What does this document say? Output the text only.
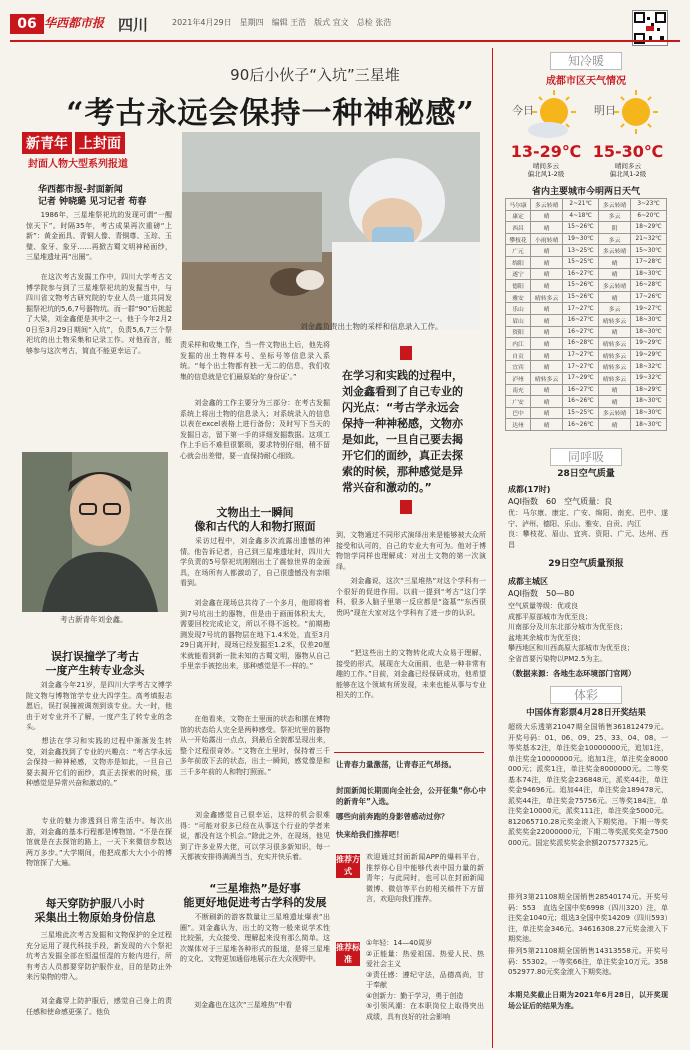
06 华西都市报 四川	2021年4月29日　星期四　编辑 王浩　版式 宜文　总检 张浩
90后小伙子“入坑”三星堆
“考古永远会保持一种神秘感”
新青年 上封面
封面人物大型系列报道
华西都市报-封面新闻
记者 钟晓璐 见习记者 苟春
　　1986年，三星堆祭祀坑的发现可谓“一醒惊天下”。时隔35年，考古成果再次重磅“上新”：黄金面具、青铜人像、青铜尊、玉琮、玉璧、象牙、象牙……再掀古蜀文明神秘面纱，三星堆遗址再“出圈”。
　　在这次考古发掘工作中，四川大学考古文博学院参与到了三星堆祭祀坑的发掘当中，与四川省文物考古研究院的专业人员一道共同发掘祭祀坑的5,6,7号器物坑。而一群“90”后挑起了大梁，刘金鑫便是其中之一。他于今年2月20日至3月29日期间“入坑”，负责5,6,7三个祭祀坑的出土物采集和记录工作。对他而言，能够参与这次考古，简直不能更幸运了。
刘金鑫负责出土物的采样和信息录入工作。
考古新青年刘金鑫。
误打误撞学了考古
一度产生转专业念头
　　刘金鑫今年21岁，是四川大学考古文博学院文物与博物馆学专业大四学生。高考填报志愿后，误打误撞被调剂到该专业。大一时，他由于对专业并不了解，一度产生了转专业的念头。
　　想法在学习和实践的过程中渐渐发生转变，刘金鑫找到了专业的兴趣点：“考古学永远会保持一种神秘感，文物亦是如此，一旦自己要去揭开它们的面纱，真正去探索的时候，那种感觉是异常兴奋和激动的。”
　　专业的魅力渗透到日常生活中。每次出游，刘金鑫的基本行程都是博物馆。“不是在探馆就是在去探馆的路上，一天下来微信步数达两万多步。”大学期间，他把成都大大小小的博物馆探了大遍。
每天穿防护服八小时
采集出土物原始身份信息
　　三星堆此次考古发掘和文物保护的全过程充分运用了现代科技手段，新发现的六个祭祀坑考古发掘全部在恒温恒湿的方舱内进行，所有考古人员都要穿防护服作业，目的是防止外来污染物的带入。
　　刘金鑫穿上防护服后，感觉自己身上的责任感和使命感更强了。他负
责采样和收集工作，当一件文物出土后，他先将发掘的出土物样本号、坐标号等信息录入系统。“每个出土物都有独一无二的信息，我们收集的信息就是它们最原始的‘身份证’。”
　　刘金鑫的工作主要分为三部分：在考古发掘系统上将出土物的信息录入；对系统录入的信息以表在excel表格上进行备份；及时写下当天的发掘日志，留下第一手的详细发掘数据。这项工作上手后不难但很繁琐，要求特别仔细，稍不留心就会出差错，要一直保持耐心细致。
文物出土一瞬间
像和古代的人和物打照面
　　采访过程中，刘金鑫多次流露出遗憾的神情。他告诉记者，自己到三星堆遗址时，四川大学负责的5号祭祀坑刚刚出土了震惊世界的金面具，在场所有人都激动了，自己很遗憾没有亲眼看到。
　　刘金鑫在现场总共待了一个多月，他即将着到7号坑出土的器物，但是由于画面体积太大，需要回校完成论文，所以不得不返校。“前期勘测发现7号坑的器物层在地下1.4米处，直至3月29日离开时，现场已经发掘至1.2米，仅差20厘米就能看到新一批未知的古蜀文明，器物从自己手里亲手被挖出来，那种感觉是不一样的。”
　　在他看来，文物在土里面的状态和摆在博物馆的状态给人完全是两种感受。祭祀坑里的器物从一开始露出一点点，到最后全貌都呈现出来，整个过程很奇妙。“文物在土里时，保持着三千多年前放下去的状态，出土一瞬间，感觉像是和三千多年前的人和物打照面。”
　　刘金鑫感觉自己很幸运，这样的机会很难得：“可能对很多已经在从事这个行业的学者来说，都没有这个机会。”除此之外，在现场，他见到了许多业界大佬，可以学习很多新知识，每一天都被安排得满满当当，充实并快乐着。
“三星堆热”是好事
能更好地促进考古学科的发展
　　不断刷新的游客数量让三星堆遗址爆表“出圈”。刘金鑫认为，出土的文物一般来说学术性比较强，大众接受、理解起来没有那么简单。这次媒体对于三星堆各种形式的报道，是将三星堆的文化、文物更加通俗地展示在大众视野中。
　　刘金鑫也在这次“三星堆热”中看
在学习和实践的过程中，刘金鑫看到了自己专业的闪光点：“考古学永远会保持一种神秘感，文物亦是如此，一旦自己要去揭开它们的面纱，真正去探索的时候，那种感觉是异常兴奋和激动的。”
到，文物通过不同形式演绎出来是能够被大众所接受和认可的，自己的专业大有可为。他对于博物馆学同样也理解成：对出土文物的第一次演绎。
　　刘金鑫说，这次“三星堆热”对这个学科有一个很好的促进作用。以前一提到“考古”这门学科，很多人脑子里第一反应都是“盗墓”“东西很贵吗”现在大家对这个学科有了进一步的认识。
　　“把这些出土的文物转化成大众易于理解、接受的形式，展现在大众面前，也是一种非常有趣的工作。”目前，刘金鑫已经保研成功，他希望能够在这个领域有所发现，未来也能从事与专业相关的工作。
让青春力量激荡，让青春正气昂扬。
封面新闻长期面向全社会，公开征集“你心中的新青年”入选。
哪些向前奔跑的身影曾感动过你？
快来给我们推荐吧！
推荐方式
欢迎通过封面新闻APP的爆料平台，推荐你心目中能够代表中国力量的新青年；与此同时，也可以在封面新闻微博、微信等平台的相关稿件下方留言，欢迎向我们推荐。
推荐标准
①年轻：14—40周岁
②正能量：热爱祖国、热爱人民、热爱社会主义
③责任感：遵纪守法，品德高尚，甘于奉献
④创新力：勤于学习，勇于创造
⑤引领风潮：在本职岗位上取得突出成绩，具有良好的社会影响
知冷暖
成都市区天气情况
今日
13-29℃
晴间多云
偏北风1-2级
明日
15-30℃
晴间多云
偏北风1-2级
省内主要城市今明两日天气
马尔康	多云转晴	2~21℃	多云转晴	3~23℃
康定	晴	4~18℃	多云	6~20℃
西昌	晴	15~26℃	阴	18~29℃
攀枝花	小雨转晴	19~30℃	多云	21~32℃
广元	晴	13~25℃	多云转晴	15~30℃
绵阳	晴	15~25℃	晴	17~28℃
遂宁	晴	16~27℃	晴	18~30℃
德阳	晴	15~26℃	多云转晴	16~28℃
雅安	晴转多云	15~26℃	晴	17~26℃
乐山	晴	17~27℃	多云	19~27℃
眉山	晴	16~27℃	晴转多云	18~30℃
资阳	晴	16~27℃	晴	18~30℃
内江	晴	16~28℃	晴转多云	19~29℃
自贡	晴	17~27℃	晴转多云	19~29℃
宜宾	晴	17~27℃	晴转多云	18~32℃
泸州	晴转多云	17~29℃	晴转多云	19~32℃
南充	晴	16~27℃	晴	18~29℃
广安	晴	16~26℃	晴	18~30℃
巴中	晴	15~25℃	多云转晴	18~30℃
达州	晴	16~26℃	晴	18~30℃
同呼吸
28日空气质量
成都(17时)
AQI指数　60　空气质量：良
优：马尔康、康定、广安、绵阳、南充、巴中、遂宁、泸州、德阳、乐山、雅安、自贡、内江
良：攀枝花、眉山、宜宾、资阳、广元、达州、西昌
29日空气质量预报
成都主城区
AQI指数　50—80
空气质量等级：优或良
成都平原部城市为优至良；
川南部分及川东北部分城市为优至良；
盆地其余城市为优至良；
攀西地区和川西高原大部城市为优至良；
全省首要污染物以PM2.5为主。
（数据来源：各地生态环境部门官网）
体彩
中国体育彩票4月28日开奖结果
超级大乐透第21047期全国销售361812479元。开奖号码：01、06、09、25、33、04、08。一等奖基本2注，单注奖金10000000元，追加1注，单注奖金10000000元。追加1注，单注奖金8000000元；派奖1注，单注奖金8000000元。二等奖基本74注，单注奖金236848元，派奖44注，单注奖金94696元。追加44注，单注奖金189478元，派奖44注，单注奖金75756元。三等奖184注，单注奖金10000元，派奖111注，单注奖金5000元。812065710.28元奖金滚入下期奖池。下期一等奖派奖奖金22000000元，下期二等奖派奖奖金7500000元。国定奖派奖奖金余额207577325元。
排列3第21108期全国销售28540174元。开奖号码：553　直选全国中奖6998（四川320）注，单注奖金1040元；组选3全国中奖14209（四川593）注，单注奖金346元。34616308.27元奖金滚入下期奖池。
排列5第21108期全国销售14313558元。开奖号码：55302。一等奖66注，单注奖金10万元。358052977.80元奖金滚入下期奖池。
本期兑奖截止日期为2021年6月28日，以开奖现场公证后的结果为准。
